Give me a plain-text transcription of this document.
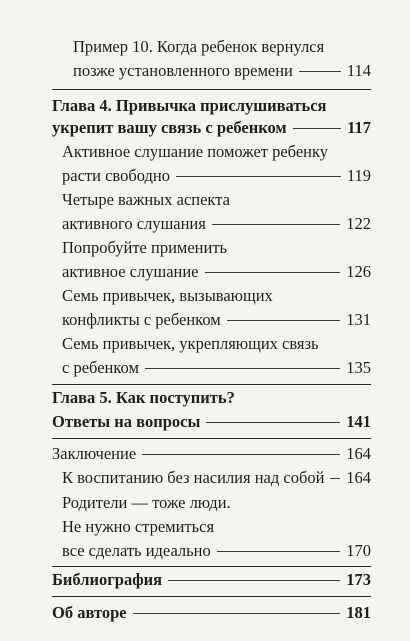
Пример 10. Когда ребенок вернулся
позже установленного времени	114
Глава 4. Привычка прислушиваться
укрепит вашу связь с ребенком	117
Активное слушание поможет ребенку
расти свободно	119
Четыре важных аспекта
активного слушания	122
Попробуйте применить
активное слушание	126
Семь привычек, вызывающих
конфликты с ребенком	131
Семь привычек, укрепляющих связь
с ребенком	135
Глава 5. Как поступить?
Ответы на вопросы	141
Заключение	164
К воспитанию без насилия над собой 164
Родители — тоже люди.
Не нужно стремиться
все сделать идеально	170
Библиография	173
Об авторе	181
